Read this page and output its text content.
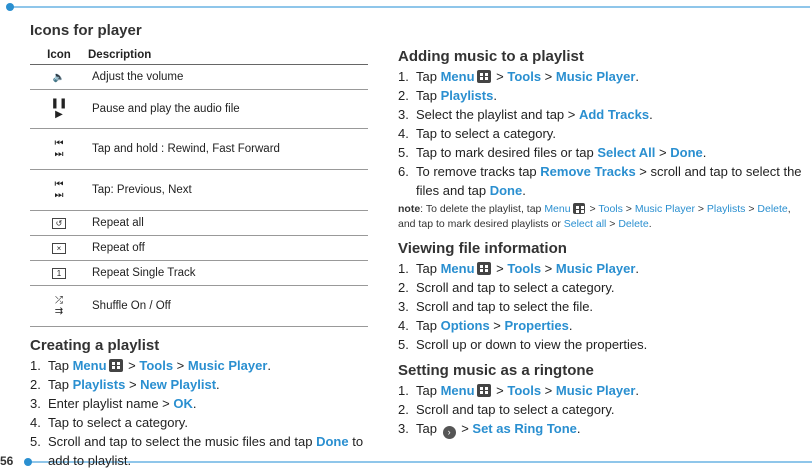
56
Icons for player
Icon	Description
🔈	Adjust the volume
❚❚
▶	Pause and play the audio file
⏮
⏭	Tap and hold : Rewind, Fast Forward
⏮
⏭	Tap: Previous, Next
↺	Repeat all
×	Repeat off
1	Repeat Single Track
⤮
⇉	Shuffle On / Off
Creating a playlist
1. Tap Menu > Tools > Music Player.
2. Tap Playlists > New Playlist.
3. Enter playlist name > OK.
4. Tap to select a category.
5. Scroll and tap to select the music files and tap Done to add to playlist.
Adding music to a playlist
1. Tap Menu > Tools > Music Player.
2. Tap Playlists.
3. Select the playlist and tap > Add Tracks.
4. Tap to select a category.
5. Tap to mark desired files or tap Select All > Done.
6. To remove tracks tap Remove Tracks > scroll and tap to select the files and tap Done.
note: To delete the playlist, tap Menu > Tools > Music Player > Playlists > Delete, and tap to mark desired playlists or Select all > Delete.
Viewing file information
1. Tap Menu > Tools > Music Player.
2. Scroll and tap to select a category.
3. Scroll and tap to select the file.
4. Tap Options > Properties.
5. Scroll up or down to view the properties.
Setting music as a ringtone
1. Tap Menu > Tools > Music Player.
2. Scroll and tap to select a category.
3. Tap › > Set as Ring Tone.
